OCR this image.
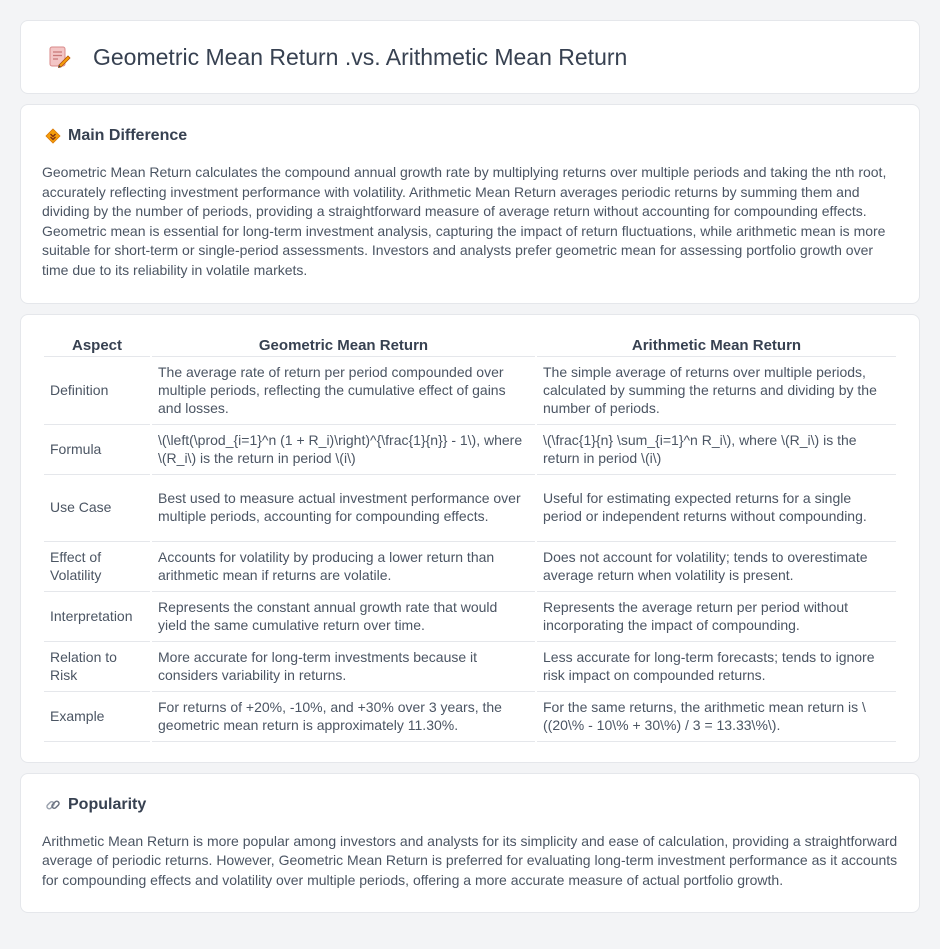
Geometric Mean Return .vs. Arithmetic Mean Return
Main Difference

Geometric Mean Return calculates the compound annual growth rate by multiplying returns over multiple periods and taking the nth root, accurately reflecting investment performance with volatility. Arithmetic Mean Return averages periodic returns by summing them and dividing by the number of periods, providing a straightforward measure of average return without accounting for compounding effects. Geometric mean is essential for long-term investment analysis, capturing the impact of return fluctuations, while arithmetic mean is more suitable for short-term or single-period assessments. Investors and analysts prefer geometric mean for assessing portfolio growth over time due to its reliability in volatile markets.

Aspect	Geometric Mean Return	Arithmetic Mean Return
Definition	The average rate of return per period compounded over multiple periods, reflecting the cumulative effect of gains and losses.	The simple average of returns over multiple periods, calculated by summing the returns and dividing by the number of periods.
Formula	\(\left(\prod_{i=1}^n (1 + R_i)\right)^{\frac{1}{n}} - 1\), where \(R_i\) is the return in period \(i\)	\(\frac{1}{n} \sum_{i=1}^n R_i\), where \(R_i\) is the return in period \(i\)
Use Case	Best used to measure actual investment performance over multiple periods, accounting for compounding effects.	Useful for estimating expected returns for a single period or independent returns without compounding.
Effect of Volatility	Accounts for volatility by producing a lower return than arithmetic mean if returns are volatile.	Does not account for volatility; tends to overestimate average return when volatility is present.
Interpretation	Represents the constant annual growth rate that would yield the same cumulative return over time.	Represents the average return per period without incorporating the impact of compounding.
Relation to Risk	More accurate for long-term investments because it considers variability in returns.	Less accurate for long-term forecasts; tends to ignore risk impact on compounded returns.
Example	For returns of +20%, -10%, and +30% over 3 years, the geometric mean return is approximately 11.30%.	For the same returns, the arithmetic mean return is \((20\% - 10\% + 30\%) / 3 = 13.33\%\).
Popularity

Arithmetic Mean Return is more popular among investors and analysts for its simplicity and ease of calculation, providing a straightforward average of periodic returns. However, Geometric Mean Return is preferred for evaluating long-term investment performance as it accounts for compounding effects and volatility over multiple periods, offering a more accurate measure of actual portfolio growth.
